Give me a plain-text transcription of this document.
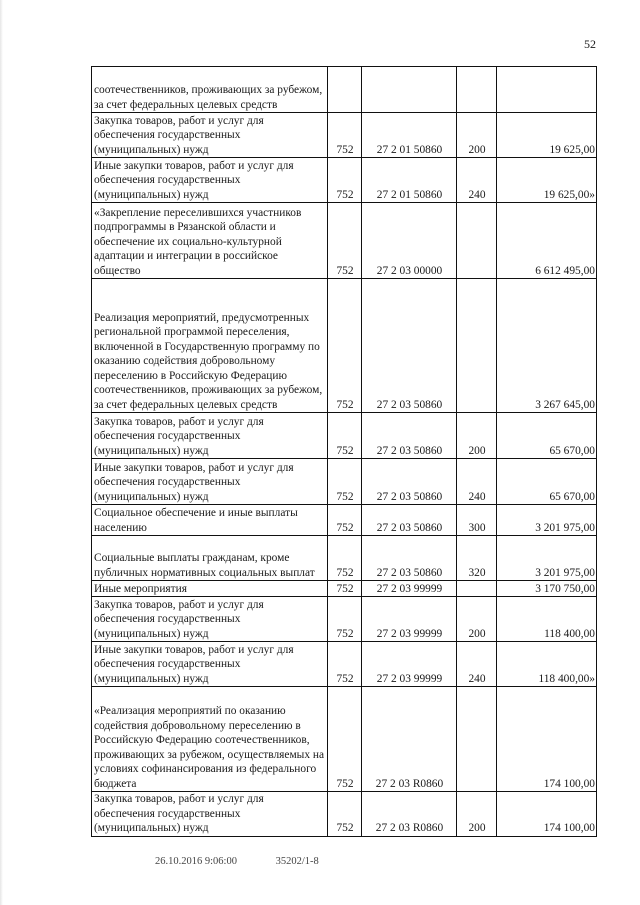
52
соотечественников, проживающих за рубежом, за счет федеральных целевых средств				
Закупка товаров, работ и услуг для обеспечения государственных (муниципальных) нужд	752	27 2 01 50860	200	19 625,00
Иные закупки товаров, работ и услуг для обеспечения государственных (муниципальных) нужд	752	27 2 01 50860	240	19 625,00»
«Закрепление переселившихся участников подпрограммы в Рязанской области и обеспечение их социально-культурной адаптации и интеграции в российское общество	752	27 2 03 00000		6 612 495,00
Реализация мероприятий, предусмотренных региональной программой переселения, включенной в Государственную программу по оказанию содействия добровольному переселению в Российскую Федерацию соотечественников, проживающих за рубежом, за счет федеральных целевых средств	752	27 2 03 50860		3 267 645,00
Закупка товаров, работ и услуг для обеспечения государственных (муниципальных) нужд	752	27 2 03 50860	200	65 670,00
Иные закупки товаров, работ и услуг для обеспечения государственных (муниципальных) нужд	752	27 2 03 50860	240	65 670,00
Социальное обеспечение и иные выплаты населению	752	27 2 03 50860	300	3 201 975,00
Социальные выплаты гражданам, кроме публичных нормативных социальных выплат	752	27 2 03 50860	320	3 201 975,00
Иные мероприятия	752	27 2 03 99999		3 170 750,00
Закупка товаров, работ и услуг для обеспечения государственных (муниципальных) нужд	752	27 2 03 99999	200	118 400,00
Иные закупки товаров, работ и услуг для обеспечения государственных (муниципальных) нужд	752	27 2 03 99999	240	118 400,00»
«Реализация мероприятий по оказанию содействия добровольному переселению в Российскую Федерацию соотечественников, проживающих за рубежом, осуществляемых на условиях софинансирования из федерального бюджета	752	27 2 03 R0860		174 100,00
Закупка товаров, работ и услуг для обеспечения государственных (муниципальных) нужд	752	27 2 03 R0860	200	174 100,00
26.10.2016 9:06:00	35202/1-8
